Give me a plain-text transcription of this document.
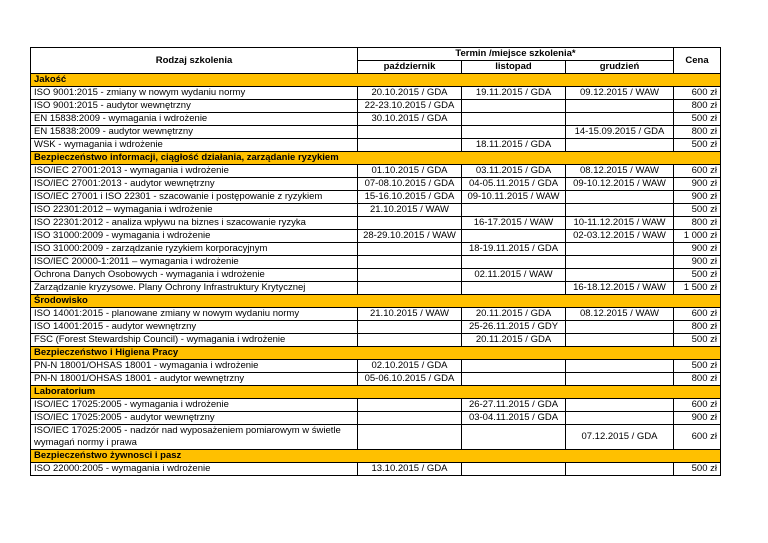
Rodzaj szkolenia	Termin /miejsce szkolenia*			Cena
	październik	listopad	grudzień	
Jakość				
ISO 9001:2015 - zmiany w nowym wydaniu normy	20.10.2015 / GDA	19.11.2015 / GDA	09.12.2015 / WAW	600 zł
ISO 9001:2015 - audytor wewnętrzny	22-23.10.2015 / GDA			800 zł
EN 15838:2009 - wymagania i wdrożenie	30.10.2015 / GDA			500 zł
EN 15838:2009 - audytor wewnętrzny			14-15.09.2015 / GDA	800 zł
WSK - wymagania i wdrożenie		18.11.2015 / GDA		500 zł
Bezpieczeństwo informacji, ciągłość działania, zarządanie ryzykiem				
ISO/IEC 27001:2013 - wymagania i wdrożenie	01.10.2015 / GDA	03.11.2015 / GDA	08.12.2015 / WAW	600 zł
ISO/IEC 27001:2013 - audytor wewnętrzny	07-08.10.2015 / GDA	04-05.11.2015 / GDA	09-10.12.2015 / WAW	900 zł
ISO/IEC 27001 i ISO 22301 - szacowanie i postępowanie z ryzykiem	15-16.10.2015 / GDA	09-10.11.2015 / WAW		900 zł
ISO 22301:2012 – wymagania i wdrożenie	21.10.2015 / WAW			500 zł
ISO 22301:2012 - analiza wpływu na biznes i szacowanie ryzyka		16-17.2015 / WAW	10-11.12.2015 / WAW	800 zł
ISO 31000:2009 - wymagania i wdrożenie	28-29.10.2015 / WAW		02-03.12.2015 / WAW	1 000 zł
ISO 31000:2009 - zarządzanie ryzykiem korporacyjnym		18-19.11.2015 / GDA		900 zł
ISO/IEC 20000-1:2011 – wymagania i wdrożenie				900 zł
Ochrona Danych Osobowych - wymagania i wdrożenie		02.11.2015 / WAW		500 zł
Zarządzanie kryzysowe. Plany Ochrony Infrastruktury Krytycznej			16-18.12.2015 / WAW	1 500 zł
Środowisko				
ISO 14001:2015 - planowane zmiany w nowym wydaniu normy	21.10.2015 / WAW	20.11.2015 / GDA	08.12.2015 / WAW	600 zł
ISO 14001:2015 - audytor wewnętrzny		25-26.11.2015 / GDY		800 zł
FSC (Forest Stewardship Council) - wymagania i wdrożenie		20.11.2015 / GDA		500 zł
Bezpieczeństwo i Higiena Pracy				
PN-N 18001/OHSAS 18001 - wymagania i wdrożenie	02.10.2015 / GDA			500 zł
PN-N 18001/OHSAS 18001 - audytor wewnętrzny	05-06.10.2015 / GDA			800 zł
Laboratorium				
ISO/IEC 17025:2005 - wymagania i wdrożenie		26-27.11.2015 / GDA		600 zł
ISO/IEC 17025:2005 - audytor wewnętrzny		03-04.11.2015 / GDA		900 zł
ISO/IEC 17025:2005 - nadzór nad wyposażeniem pomiarowym w świetle wymagań normy i prawa			07.12.2015 / GDA	600 zł
Bezpieczeństwo żywnosci i pasz				
ISO 22000:2005 - wymagania i wdrożenie	13.10.2015 / GDA			500 zł
